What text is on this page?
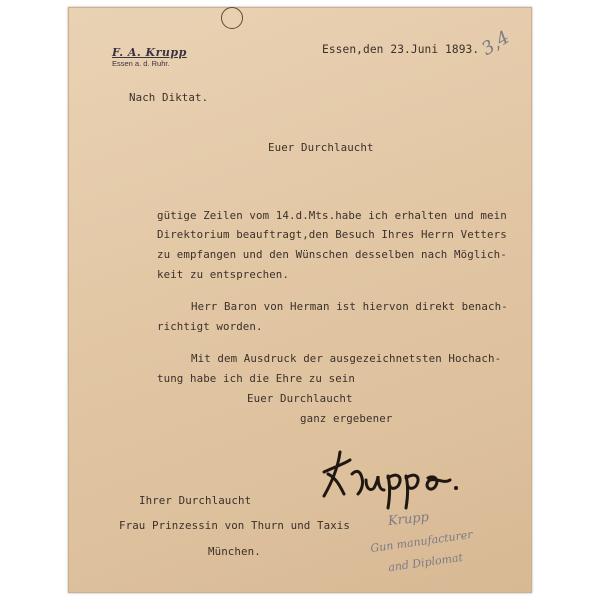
F. A. Krupp
Essen a. d. Ruhr.
Essen,den 23.Juni 1893.
3,4
Nach Diktat.
Euer Durchlaucht
gütige Zeilen vom 14.d.Mts.habe ich erhalten und mein
Direktorium beauftragt,den Besuch Ihres Herrn Vetters
zu empfangen und den Wünschen desselben nach Möglich-
keit zu entsprechen.
Herr Baron von Herman ist hiervon direkt benach-
richtigt worden.
Mit dem Ausdruck der ausgezeichnetsten Hochach-
tung habe ich die Ehre zu sein
Euer Durchlaucht
ganz ergebener
Ihrer Durchlaucht
Frau Prinzessin von Thurn und Taxis
München.
Krupp
Gun manufacturer
and Diplomat
